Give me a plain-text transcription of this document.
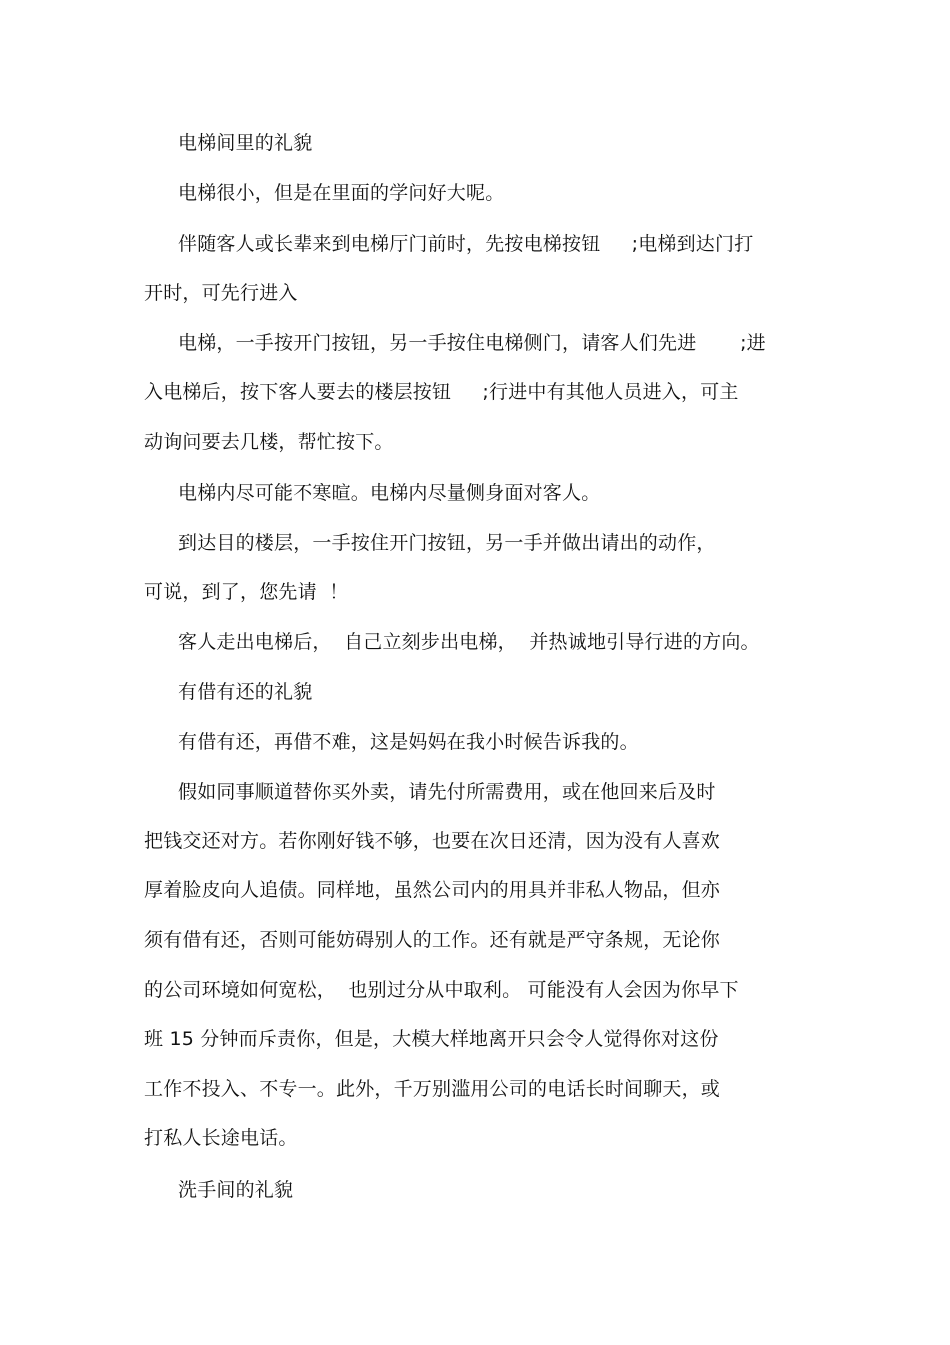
电梯间里的礼貌
电梯很小，但是在里面的学问好大呢。
伴随客人或长辈来到电梯厅门前时，先按电梯按钮     ;电梯到达门打
开时，可先行进入
电梯，一手按开门按钮，另一手按住电梯侧门，请客人们先进       ;进
入电梯后，按下客人要去的楼层按钮     ;行进中有其他人员进入，可主
动询问要去几楼，帮忙按下。
电梯内尽可能不寒暄。电梯内尽量侧身面对客人。
到达目的楼层，一手按住开门按钮，另一手并做出请出的动作，
可说，到了，您先请  ！
客人走出电梯后，  自己立刻步出电梯，  并热诚地引导行进的方向。
有借有还的礼貌
有借有还，再借不难，这是妈妈在我小时候告诉我的。
假如同事顺道替你买外卖，请先付所需费用，或在他回来后及时
把钱交还对方。若你刚好钱不够，也要在次日还清，因为没有人喜欢
厚着脸皮向人追债。同样地，虽然公司内的用具并非私人物品，但亦
须有借有还，否则可能妨碍别人的工作。还有就是严守条规，无论你
的公司环境如何宽松，  也别过分从中取利。 可能没有人会因为你早下
班 15 分钟而斥责你，但是，大模大样地离开只会令人觉得你对这份
工作不投入、不专一。此外，千万别滥用公司的电话长时间聊天，或
打私人长途电话。
洗手间的礼貌
